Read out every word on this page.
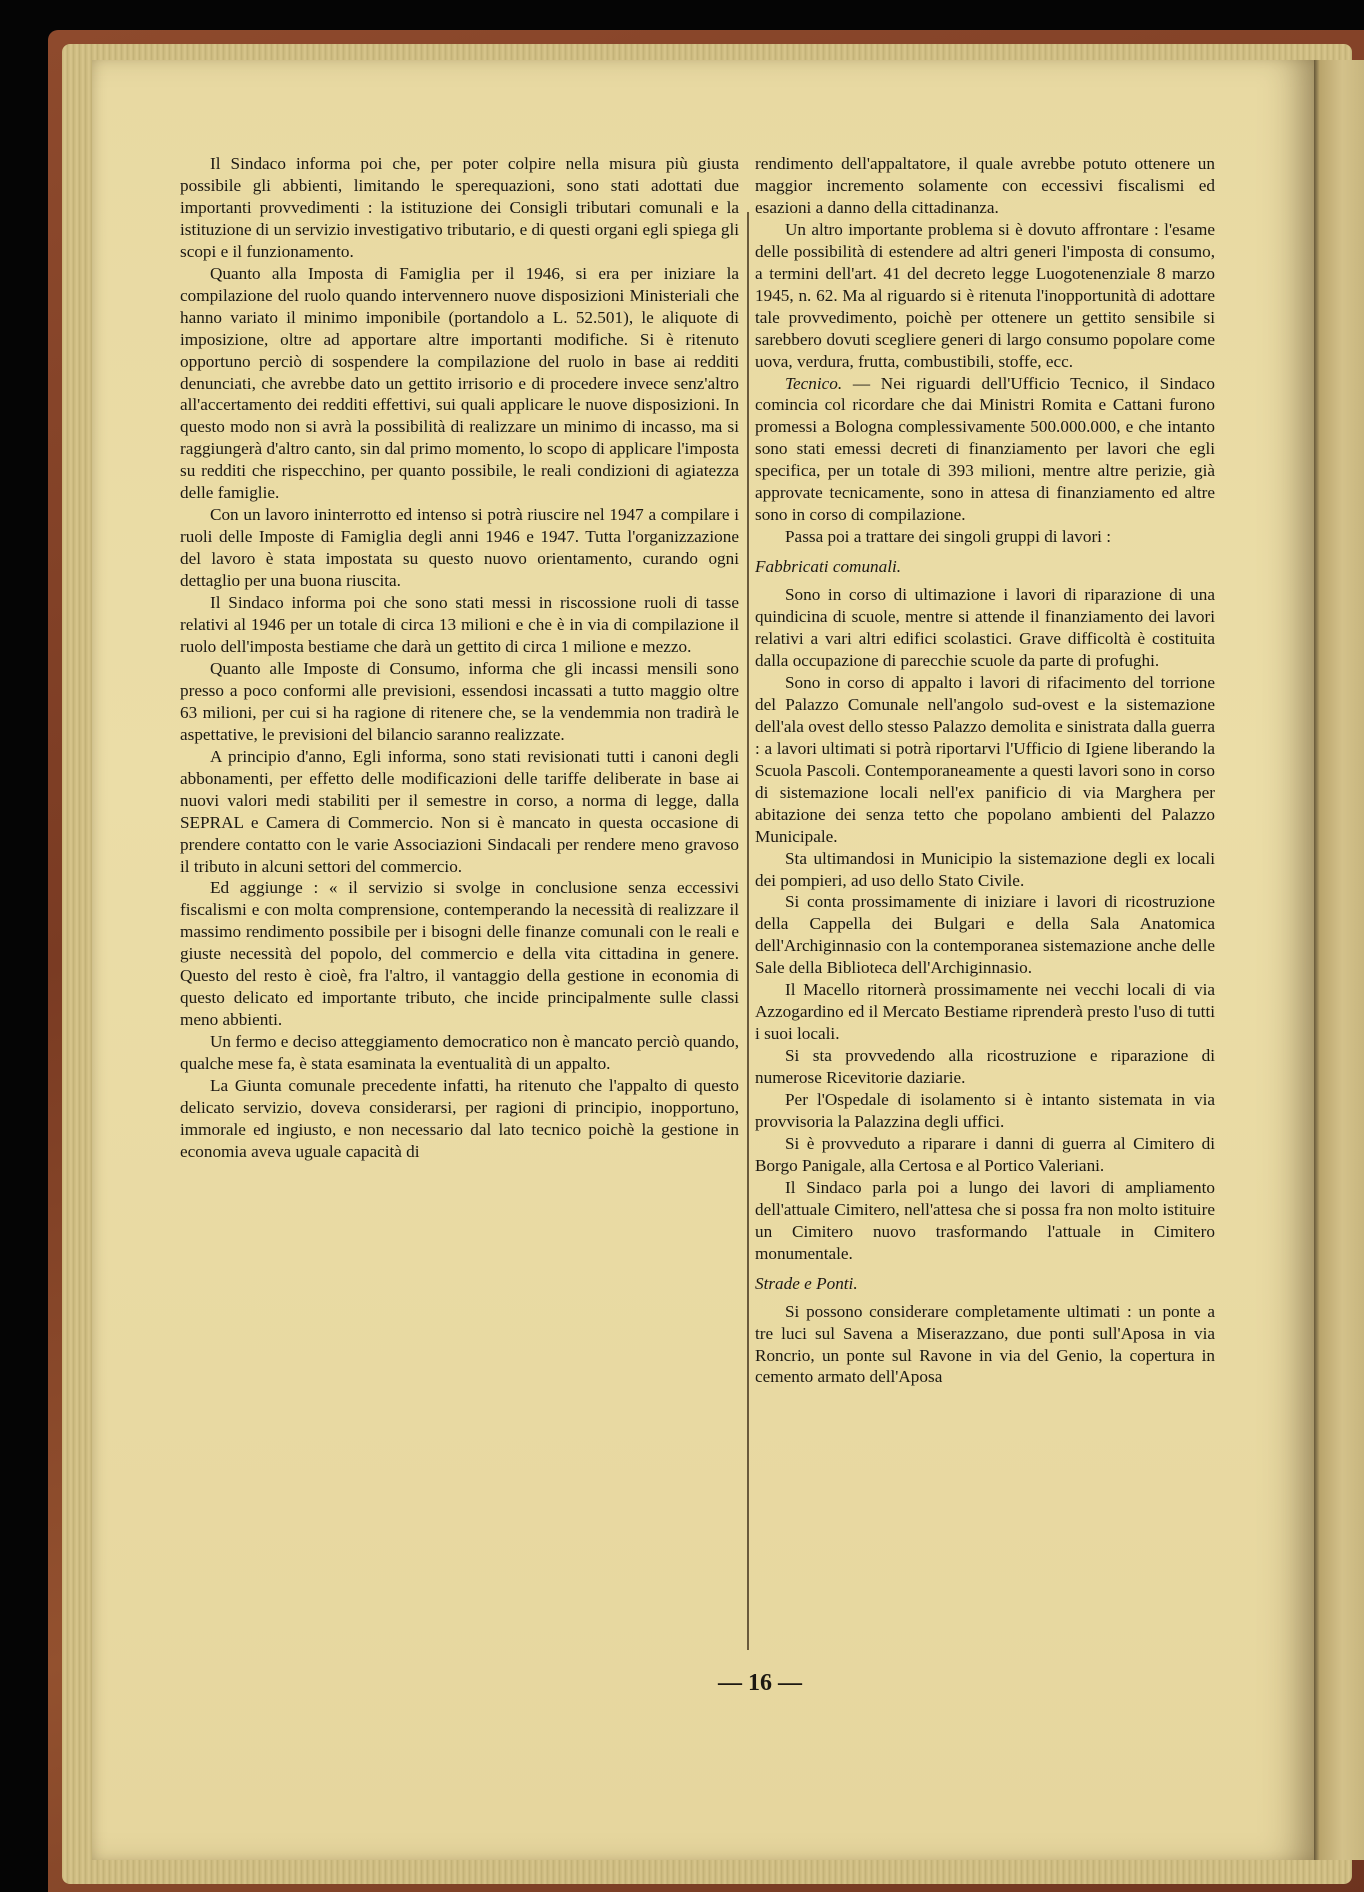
Il Sindaco informa poi che, per poter colpire nella misura più giusta possibile gli abbienti, limitando le sperequazioni, sono stati adottati due importanti provvedimenti : la istituzione dei Consigli tributari comunali e la istituzione di un servizio investigativo tributario, e di questi organi egli spiega gli scopi e il funzionamento.

Quanto alla Imposta di Famiglia per il 1946, si era per iniziare la compilazione del ruolo quando intervennero nuove disposizioni Ministeriali che hanno variato il minimo imponibile (portandolo a L. 52.501), le aliquote di imposizione, oltre ad apportare altre importanti modifiche. Si è ritenuto opportuno perciò di sospendere la compilazione del ruolo in base ai redditi denunciati, che avrebbe dato un gettito irrisorio e di procedere invece senz'altro all'accertamento dei redditi effettivi, sui quali applicare le nuove disposizioni. In questo modo non si avrà la possibilità di realizzare un minimo di incasso, ma si raggiungerà d'altro canto, sin dal primo momento, lo scopo di applicare l'imposta su redditi che rispecchino, per quanto possibile, le reali condizioni di agiatezza delle famiglie.

Con un lavoro ininterrotto ed intenso si potrà riuscire nel 1947 a compilare i ruoli delle Imposte di Famiglia degli anni 1946 e 1947. Tutta l'organizzazione del lavoro è stata impostata su questo nuovo orientamento, curando ogni dettaglio per una buona riuscita.

Il Sindaco informa poi che sono stati messi in riscossione ruoli di tasse relativi al 1946 per un totale di circa 13 milioni e che è in via di compilazione il ruolo dell'imposta bestiame che darà un gettito di circa 1 milione e mezzo.

Quanto alle Imposte di Consumo, informa che gli incassi mensili sono presso a poco conformi alle previsioni, essendosi incassati a tutto maggio oltre 63 milioni, per cui si ha ragione di ritenere che, se la vendemmia non tradirà le aspettative, le previsioni del bilancio saranno realizzate.

A principio d'anno, Egli informa, sono stati revisionati tutti i canoni degli abbonamenti, per effetto delle modificazioni delle tariffe deliberate in base ai nuovi valori medi stabiliti per il semestre in corso, a norma di legge, dalla SEPRAL e Camera di Commercio. Non si è mancato in questa occasione di prendere contatto con le varie Associazioni Sindacali per rendere meno gravoso il tributo in alcuni settori del commercio.

Ed aggiunge : « il servizio si svolge in conclusione senza eccessivi fiscalismi e con molta comprensione, contemperando la necessità di realizzare il massimo rendimento possibile per i bisogni delle finanze comunali con le reali e giuste necessità del popolo, del commercio e della vita cittadina in genere. Questo del resto è cioè, fra l'altro, il vantaggio della gestione in economia di questo delicato ed importante tributo, che incide principalmente sulle classi meno abbienti.

Un fermo e deciso atteggiamento democratico non è mancato perciò quando, qualche mese fa, è stata esaminata la eventualità di un appalto.

La Giunta comunale precedente infatti, ha ritenuto che l'appalto di questo delicato servizio, doveva considerarsi, per ragioni di principio, inopportuno, immorale ed ingiusto, e non necessario dal lato tecnico poichè la gestione in economia aveva uguale capacità di

rendimento dell'appaltatore, il quale avrebbe potuto ottenere un maggior incremento solamente con eccessivi fiscalismi ed esazioni a danno della cittadinanza.

Un altro importante problema si è dovuto affrontare : l'esame delle possibilità di estendere ad altri generi l'imposta di consumo, a termini dell'art. 41 del decreto legge Luogotenenziale 8 marzo 1945, n. 62. Ma al riguardo si è ritenuta l'inopportunità di adottare tale provvedimento, poichè per ottenere un gettito sensibile si sarebbero dovuti scegliere generi di largo consumo popolare come uova, verdura, frutta, combustibili, stoffe, ecc.

Tecnico. — Nei riguardi dell'Ufficio Tecnico, il Sindaco comincia col ricordare che dai Ministri Romita e Cattani furono promessi a Bologna complessivamente 500.000.000, e che intanto sono stati emessi decreti di finanziamento per lavori che egli specifica, per un totale di 393 milioni, mentre altre perizie, già approvate tecnicamente, sono in attesa di finanziamento ed altre sono in corso di compilazione.

Passa poi a trattare dei singoli gruppi di lavori :

Fabbricati comunali.

Sono in corso di ultimazione i lavori di riparazione di una quindicina di scuole, mentre si attende il finanziamento dei lavori relativi a vari altri edifici scolastici. Grave difficoltà è costituita dalla occupazione di parecchie scuole da parte di profughi.

Sono in corso di appalto i lavori di rifacimento del torrione del Palazzo Comunale nell'angolo sud-ovest e la sistemazione dell'ala ovest dello stesso Palazzo demolita e sinistrata dalla guerra : a lavori ultimati si potrà riportarvi l'Ufficio di Igiene liberando la Scuola Pascoli. Contemporaneamente a questi lavori sono in corso di sistemazione locali nell'ex panificio di via Marghera per abitazione dei senza tetto che popolano ambienti del Palazzo Municipale.

Sta ultimandosi in Municipio la sistemazione degli ex locali dei pompieri, ad uso dello Stato Civile.

Si conta prossimamente di iniziare i lavori di ricostruzione della Cappella dei Bulgari e della Sala Anatomica dell'Archiginnasio con la contemporanea sistemazione anche delle Sale della Biblioteca dell'Archiginnasio.

Il Macello ritornerà prossimamente nei vecchi locali di via Azzogardino ed il Mercato Bestiame riprenderà presto l'uso di tutti i suoi locali.

Si sta provvedendo alla ricostruzione e riparazione di numerose Ricevitorie daziarie.

Per l'Ospedale di isolamento si è intanto sistemata in via provvisoria la Palazzina degli uffici.

Si è provveduto a riparare i danni di guerra al Cimitero di Borgo Panigale, alla Certosa e al Portico Valeriani.

Il Sindaco parla poi a lungo dei lavori di ampliamento dell'attuale Cimitero, nell'attesa che si possa fra non molto istituire un Cimitero nuovo trasformando l'attuale in Cimitero monumentale.

Strade e Ponti.

Si possono considerare completamente ultimati : un ponte a tre luci sul Savena a Miserazzano, due ponti sull'Aposa in via Roncrio, un ponte sul Ravone in via del Genio, la copertura in cemento armato dell'Aposa

— 16 —
